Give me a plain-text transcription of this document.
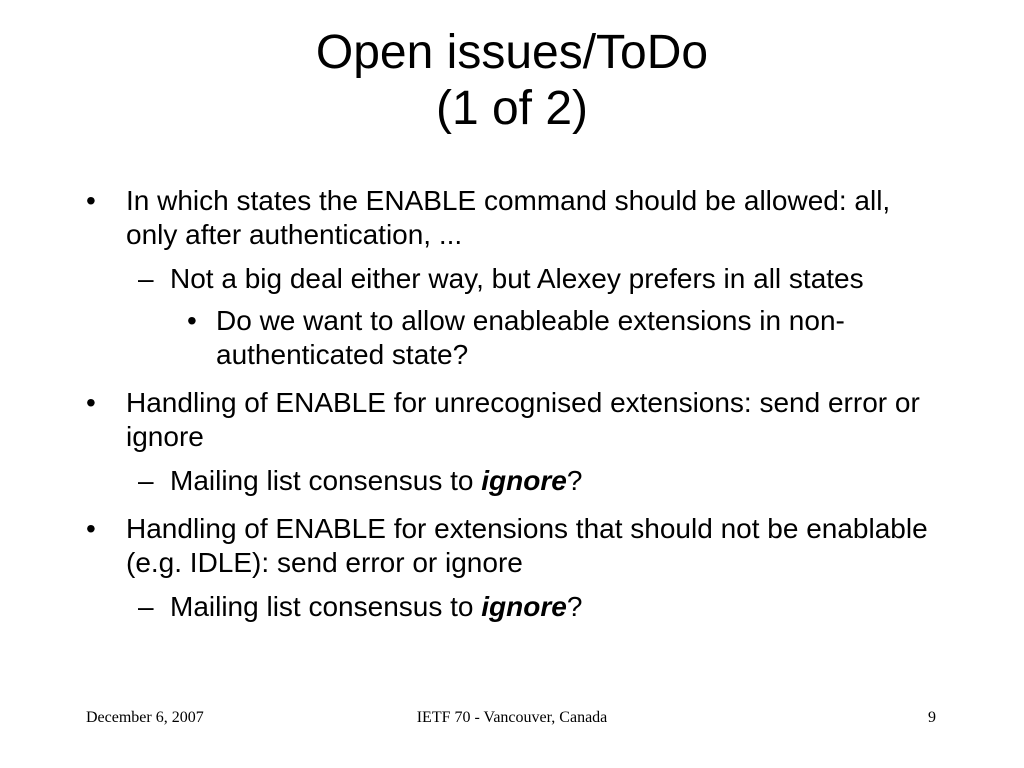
Open issues/ToDo
(1 of 2)
• In which states the ENABLE command should be allowed: all, only after authentication, ...
– Not a big deal either way, but Alexey prefers in all states
• Do we want to allow enableable extensions in non-authenticated state?
• Handling of ENABLE for unrecognised extensions: send error or ignore
– Mailing list consensus to ignore?
• Handling of ENABLE for extensions that should not be enablable (e.g. IDLE): send error or ignore
– Mailing list consensus to ignore?
December 6, 2007	IETF 70 - Vancouver, Canada	9
